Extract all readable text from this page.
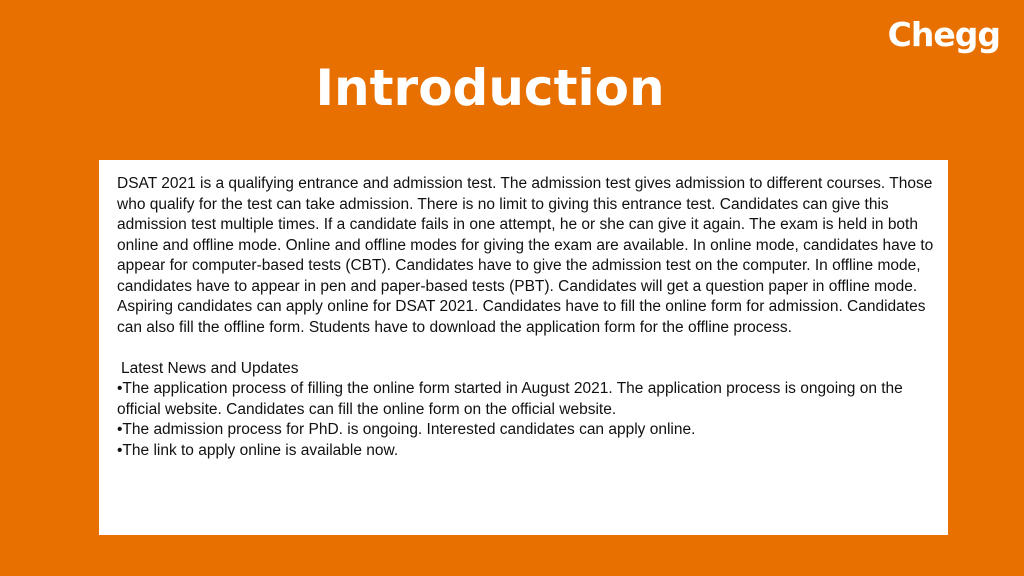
Chegg
Introduction

DSAT 2021 is a qualifying entrance and admission test. The admission test gives admission to different courses. Those who qualify for the test can take admission. There is no limit to giving this entrance test. Candidates can give this admission test multiple times. If a candidate fails in one attempt, he or she can give it again. The exam is held in both online and offline mode. Online and offline modes for giving the exam are available. In online mode, candidates have to appear for computer-based tests (CBT). Candidates have to give the admission test on the computer. In offline mode, candidates have to appear in pen and paper-based tests (PBT). Candidates will get a question paper in offline mode.

Aspiring candidates can apply online for DSAT 2021. Candidates have to fill the online form for admission. Candidates can also fill the offline form. Students have to download the application form for the offline process.

Latest News and Updates

•The application process of filling the online form started in August 2021. The application process is ongoing on the official website. Candidates can fill the online form on the official website.

•The admission process for PhD. is ongoing. Interested candidates can apply online.

•The link to apply online is available now.
